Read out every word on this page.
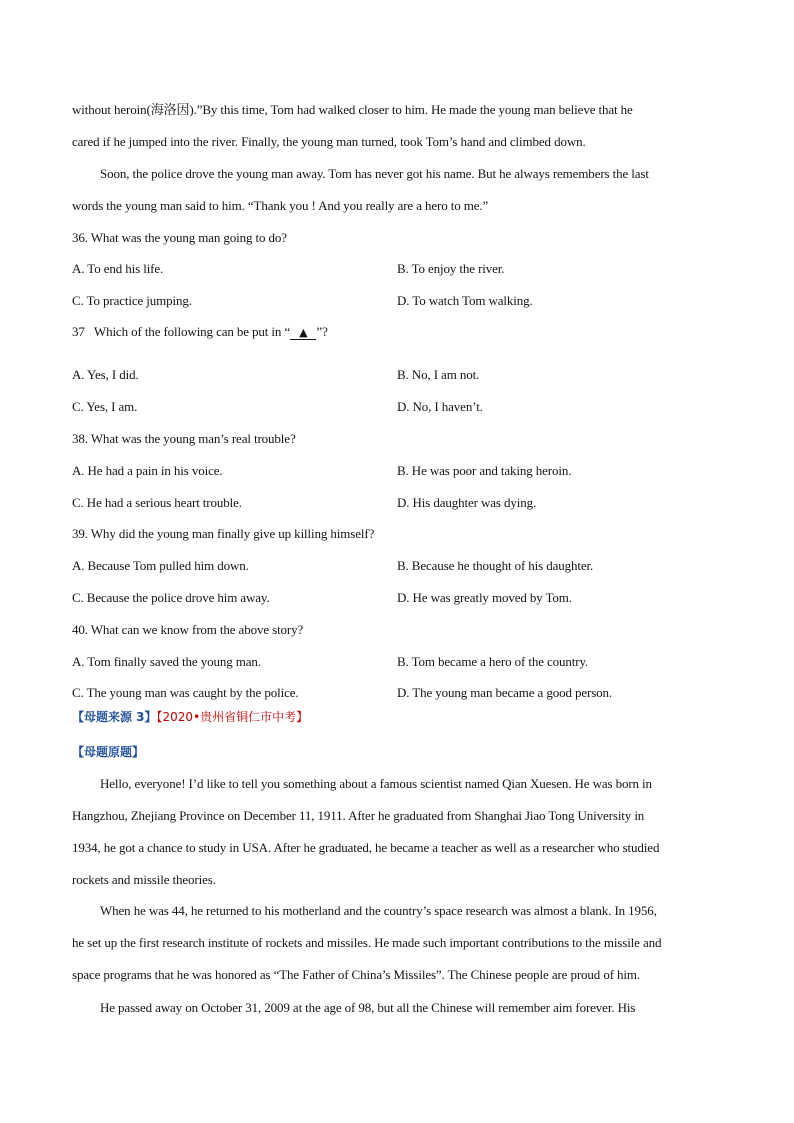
without heroin(海洛因).”By this time, Tom had walked closer to him. He made the young man believe that he
cared if he jumped into the river. Finally, the young man turned, took Tom’s hand and climbed down.
Soon, the police drove the young man away. Tom has never got his name. But he always remembers the last
words the young man said to him. “Thank you ! And you really are a hero to me.”
36. What was the young man going to do?
A. To end his life.	B. To enjoy the river.
C. To practice jumping.	D. To watch Tom walking.
37   Which of the following can be put in “ ▲ ”?
A. Yes, I did.	B. No, I am not.
C. Yes, I am.	D. No, I haven’t.
38. What was the young man’s real trouble?
A. He had a pain in his voice.	B. He was poor and taking heroin.
C. He had a serious heart trouble.	D. His daughter was dying.
39. Why did the young man finally give up killing himself?
A. Because Tom pulled him down.	B. Because he thought of his daughter.
C. Because the police drove him away.	D. He was greatly moved by Tom.
40. What can we know from the above story?
A. Tom finally saved the young man.	B. Tom became a hero of the country.
C. The young man was caught by the police.	D. The young man became a good person.
【母题来源 3】【2020•贵州省铜仁市中考】
【母题原题】
Hello, everyone! I’d like to tell you something about a famous scientist named Qian Xuesen. He was born in
Hangzhou, Zhejiang Province on December 11, 1911. After he graduated from Shanghai Jiao Tong University in
1934, he got a chance to study in USA. After he graduated, he became a teacher as well as a researcher who studied
rockets and missile theories.
When he was 44, he returned to his motherland and the country’s space research was almost a blank. In 1956,
he set up the first research institute of rockets and missiles. He made such important contributions to the missile and
space programs that he was honored as “The Father of China’s Missiles”. The Chinese people are proud of him.
He passed away on October 31, 2009 at the age of 98, but all the Chinese will remember aim forever. His
